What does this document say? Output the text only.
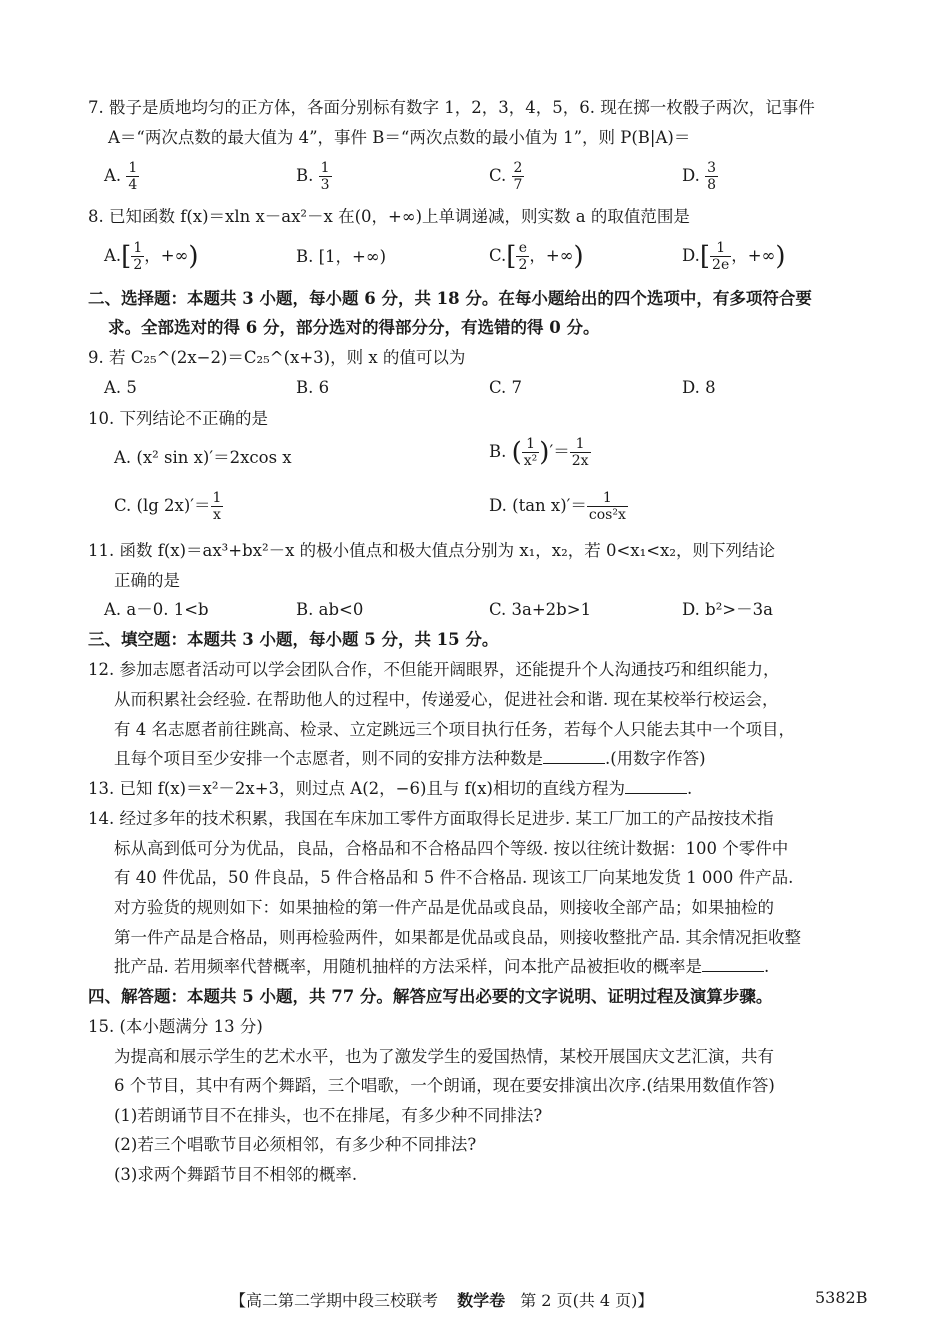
7. 骰子是质地均匀的正方体，各面分别标有数字 1，2，3，4，5，6. 现在掷一枚骰子两次，记事件
A＝“两次点数的最大值为 4”，事件 B＝“两次点数的最小值为 1”，则 P(B|A)＝
A. $\frac{1}{4}$	B. $\frac{1}{3}$	C. $\frac{2}{7}$	D. $\frac{3}{8}$
8. 已知函数 f(x)＝xln x－ax²－x 在(0，+∞)上单调递减，则实数 a 的取值范围是
$A.[ \frac{1}{2}$ ，+∞)	B. [1，+∞)	$C.[ \frac{e}{2}$ ，+∞)	$D.[ \frac{1}{2e}$ ，+∞)
二、选择题：本题共 3 小题，每小题 6 分，共 18 分。在每小题给出的四个选项中，有多项符合要
求。全部选对的得 6 分，部分选对的得部分分，有选错的得 0 分。
9. 若 C₂₅^(2x−2)＝C₂₅^(x+3)，则 x 的值可以为
A. 5	B. 6	C. 7	D. 8
10. 下列结论不正确的是
A. (x² sin x)′＝2xcos x	B. ( $\frac{1}{\text{x²}}$ )′＝ $\frac{1}{2x}$
C. (lg $2x)'= \frac{1}{x}$	D. (tan $x)'= \frac{1}{\text{cos²x}}$
11. 函数 f(x)＝ax³+bx²－x 的极小值点和极大值点分别为 x₁，x₂，若 0<x₁<x₂，则下列结论
正确的是
A. a－0. 1<b	B. ab<0	C. 3a+2b>1	D. b²>－3a
三、填空题：本题共 3 小题，每小题 5 分，共 15 分。
12. 参加志愿者活动可以学会团队合作，不但能开阔眼界，还能提升个人沟通技巧和组织能力，
从而积累社会经验. 在帮助他人的过程中，传递爱心，促进社会和谐. 现在某校举行校运会，
有 4 名志愿者前往跳高、检录、立定跳远三个项目执行任务，若每个人只能去其中一个项目，
且每个项目至少安排一个志愿者，则不同的安排方法种数是	.(用数字作答)
13. 已知 f(x)＝x²－2x+3，则过点 A(2，−6)且与 f(x)相切的直线方程为	.
14. 经过多年的技术积累，我国在车床加工零件方面取得长足进步. 某工厂加工的产品按技术指
标从高到低可分为优品，良品，合格品和不合格品四个等级. 按以往统计数据：100 个零件中
有 40 件优品，50 件良品，5 件合格品和 5 件不合格品. 现该工厂向某地发货 1 000 件产品.
对方验货的规则如下：如果抽检的第一件产品是优品或良品，则接收全部产品；如果抽检的
第一件产品是合格品，则再检验两件，如果都是优品或良品，则接收整批产品. 其余情况拒收整
批产品. 若用频率代替概率，用随机抽样的方法采样，问本批产品被拒收的概率是	.
四、解答题：本题共 5 小题，共 77 分。解答应写出必要的文字说明、证明过程及演算步骤。
15. (本小题满分 13 分)
为提高和展示学生的艺术水平，也为了激发学生的爱国热情，某校开展国庆文艺汇演，共有
6 个节目，其中有两个舞蹈，三个唱歌，一个朗诵，现在要安排演出次序.(结果用数值作答)
(1)若朗诵节目不在排头，也不在排尾，有多少种不同排法?
(2)若三个唱歌节目必须相邻，有多少种不同排法?
(3)求两个舞蹈节目不相邻的概率.
【高二第二学期中段三校联考 数学卷 第 2 页(共 4 页)】	5382B
